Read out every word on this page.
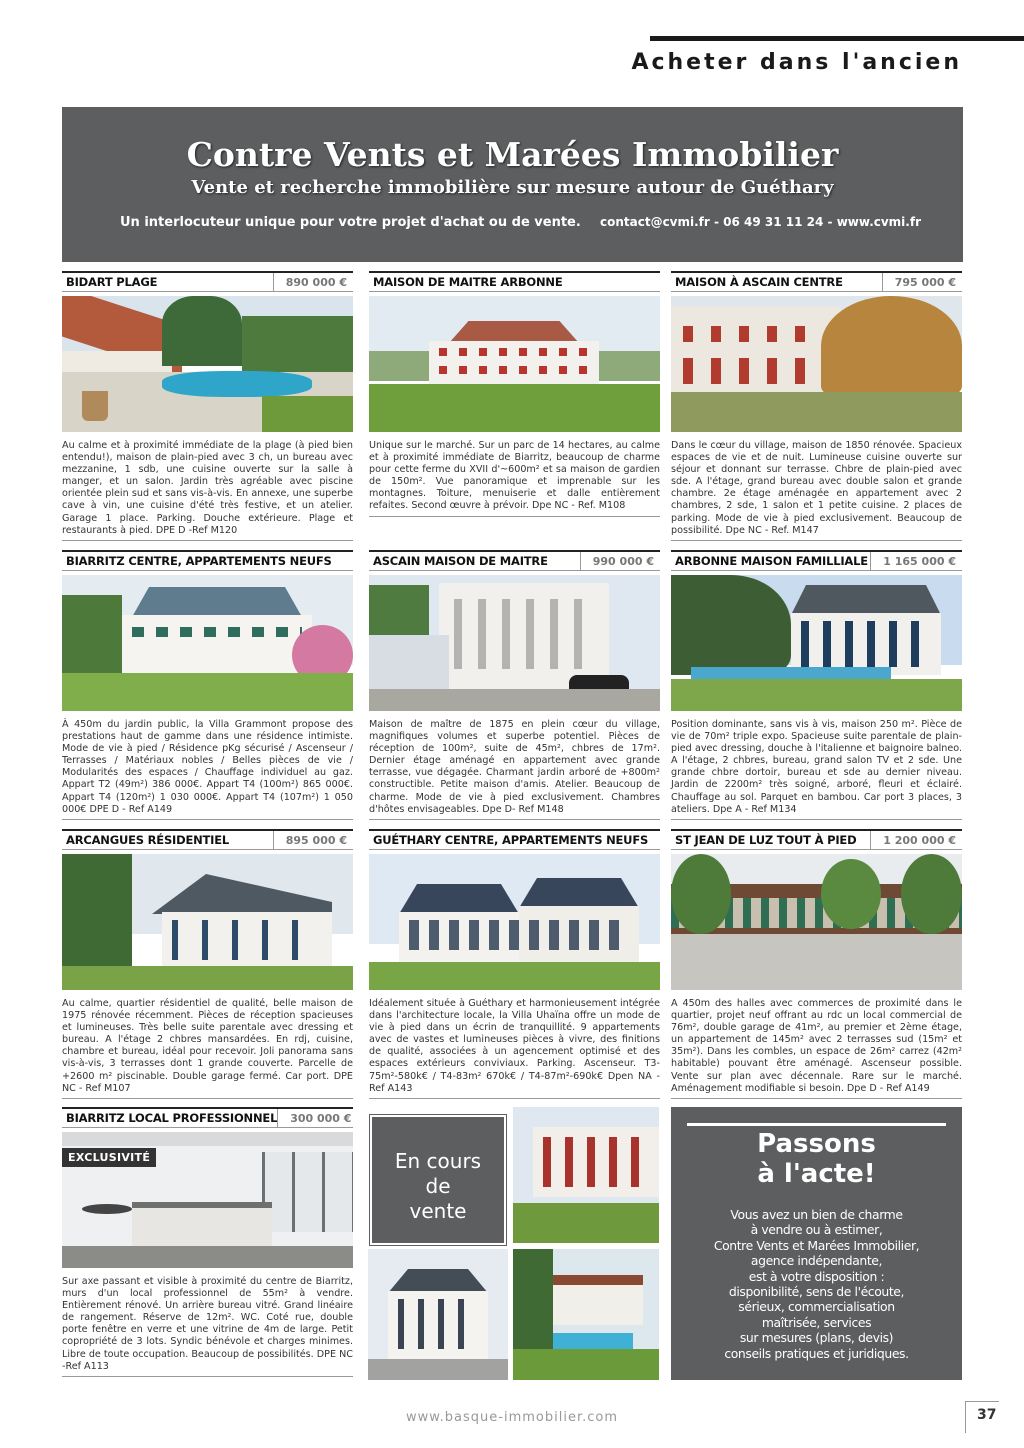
Acheter dans l'ancien
Contre Vents et Marées Immobilier
Vente et recherche immobilière sur mesure autour de Guéthary
Un interlocuteur unique pour votre projet d'achat ou de vente. contact@cvmi.fr - 06 49 31 11 24 - www.cvmi.fr
BIDART PLAGE	890 000 €
Au calme et à proximité immédiate de la plage (à pied bien entendu!), maison de plain-pied avec 3 ch, un bureau avec mezzanine, 1 sdb, une cuisine ouverte sur la salle à manger, et un salon. Jardin très agréable avec piscine orientée plein sud et sans vis-à-vis. En annexe, une superbe cave à vin, une cuisine d'été très festive, et un atelier. Garage 1 place. Parking. Douche extérieure. Plage et restaurants à pied. DPE D -Ref M120
MAISON DE MAITRE ARBONNE
Unique sur le marché. Sur un parc de 14 hectares, au calme et à proximité immédiate de Biarritz, beaucoup de charme pour cette ferme du XVII d'~600m² et sa maison de gardien de 150m². Vue panoramique et imprenable sur les montagnes. Toiture, menuiserie et dalle entièrement refaites. Second œuvre à prévoir. Dpe NC - Ref. M108
MAISON À ASCAIN CENTRE	795 000 €
Dans le cœur du village, maison de 1850 rénovée. Spacieux espaces de vie et de nuit. Lumineuse cuisine ouverte sur séjour et donnant sur terrasse. Chbre de plain-pied avec sde. A l'étage, grand bureau avec double salon et grande chambre. 2e étage aménagée en appartement avec 2 chambres, 2 sde, 1 salon et 1 petite cuisine. 2 places de parking. Mode de vie à pied exclusivement. Beaucoup de possibilité. Dpe NC - Ref. M147
BIARRITZ CENTRE, APPARTEMENTS NEUFS
À 450m du jardin public, la Villa Grammont propose des prestations haut de gamme dans une résidence intimiste. Mode de vie à pied / Résidence pKg sécurisé / Ascenseur / Terrasses / Matériaux nobles / Belles pièces de vie / Modularités des espaces / Chauffage individuel au gaz. Appart T2 (49m²) 386 000€. Appart T4 (100m²) 865 000€. Appart T4 (120m²) 1 030 000€. Appart T4 (107m²) 1 050 000€ DPE D - Ref A149
ASCAIN MAISON DE MAITRE	990 000 €
Maison de maître de 1875 en plein cœur du village, magnifiques volumes et superbe potentiel. Pièces de réception de 100m², suite de 45m², chbres de 17m². Dernier étage aménagé en appartement avec grande terrasse, vue dégagée. Charmant jardin arboré de +800m² constructible. Petite maison d'amis. Atelier. Beaucoup de charme. Mode de vie à pied exclusivement. Chambres d'hôtes envisageables. Dpe D- Ref M148
ARBONNE MAISON FAMILLIALE	1 165 000 €
Position dominante, sans vis à vis, maison 250 m². Pièce de vie de 70m² triple expo. Spacieuse suite parentale de plain-pied avec dressing, douche à l'italienne et baignoire balneo. A l'étage, 2 chbres, bureau, grand salon TV et 2 sde. Une grande chbre dortoir, bureau et sde au dernier niveau. Jardin de 2200m² très soigné, arboré, fleuri et éclairé. Chauffage au sol. Parquet en bambou. Car port 3 places, 3 ateliers. Dpe A - Ref M134
ARCANGUES RÉSIDENTIEL	895 000 €
Au calme, quartier résidentiel de qualité, belle maison de 1975 rénovée récemment. Pièces de réception spacieuses et lumineuses. Très belle suite parentale avec dressing et bureau. A l'étage 2 chbres mansardées. En rdj, cuisine, chambre et bureau, idéal pour recevoir. Joli panorama sans vis-à-vis, 3 terrasses dont 1 grande couverte. Parcelle de +2600 m² piscinable. Double garage fermé. Car port. DPE NC - Ref M107
GUÉTHARY CENTRE, APPARTEMENTS NEUFS
Idéalement située à Guéthary et harmonieusement intégrée dans l'architecture locale, la Villa Uhaïna offre un mode de vie à pied dans un écrin de tranquillité. 9 appartements avec de vastes et lumineuses pièces à vivre, des finitions de qualité, associées à un agencement optimisé et des espaces extérieurs conviviaux. Parking. Ascenseur. T3-75m²-580k€ / T4-83m² 670k€ / T4-87m²-690k€ Dpen NA - Ref A143
ST JEAN DE LUZ TOUT À PIED	1 200 000 €
A 450m des halles avec commerces de proximité dans le quartier, projet neuf offrant au rdc un local commercial de 76m², double garage de 41m², au premier et 2ème étage, un appartement de 145m² avec 2 terrasses sud (15m² et 35m²). Dans les combles, un espace de 26m² carrez (42m² habitable) pouvant être aménagé. Ascenseur possible. Vente sur plan avec décennale. Rare sur le marché. Aménagement modifiable si besoin. Dpe D - Ref A149
BIARRITZ LOCAL PROFESSIONNEL	300 000 €
EXCLUSIVITÉ
Sur axe passant et visible à proximité du centre de Biarritz, murs d'un local professionnel de 55m² à vendre. Entièrement rénové. Un arrière bureau vitré. Grand linéaire de rangement. Réserve de 12m². WC. Coté rue, double porte fenêtre en verre et une vitrine de 4m de large. Petit copropriété de 3 lots. Syndic bénévole et charges minimes. Libre de toute occupation. Beaucoup de possibilités. DPE NC -Ref A113
En cours
de
vente
Passons
à l'acte!
Vous avez un bien de charme
à vendre ou à estimer,
Contre Vents et Marées Immobilier,
agence indépendante,
est à votre disposition :
disponibilité, sens de l'écoute,
sérieux, commercialisation
maîtrisée, services
sur mesures (plans, devis)
conseils pratiques et juridiques.
www.basque-immobilier.com	37
